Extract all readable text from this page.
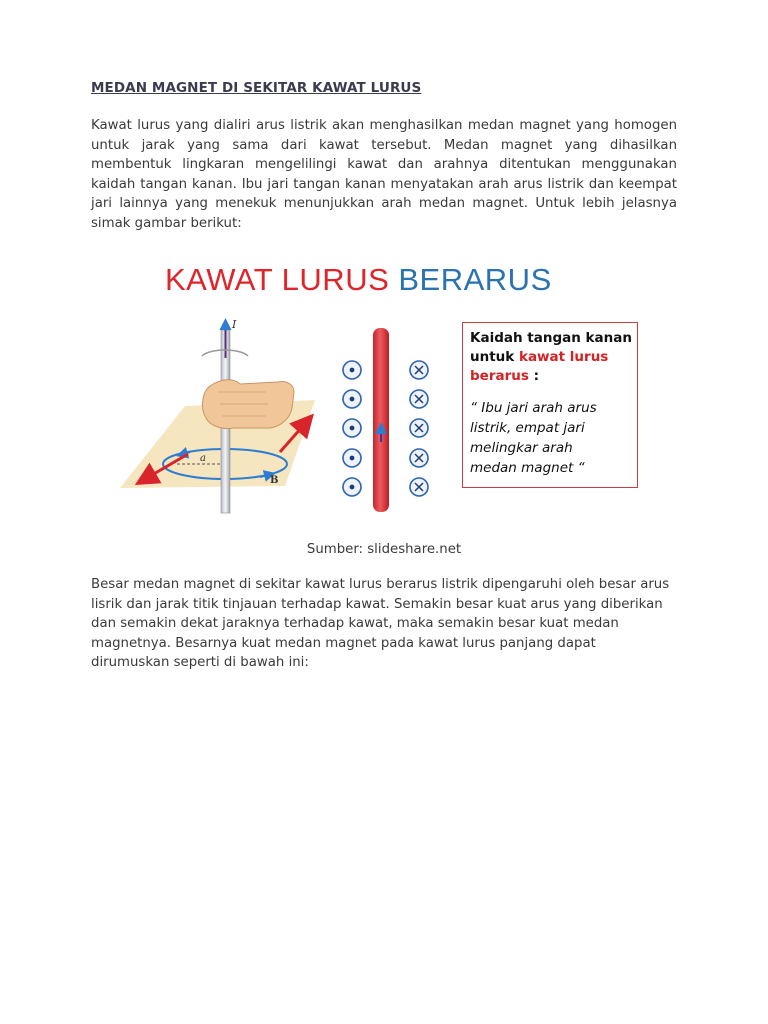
MEDAN MAGNET DI SEKITAR KAWAT LURUS
Kawat lurus yang dialiri arus listrik akan menghasilkan medan magnet yang homogen untuk jarak yang sama dari kawat tersebut. Medan magnet yang dihasilkan membentuk lingkaran mengelilingi kawat dan arahnya ditentukan menggunakan kaidah tangan kanan. Ibu jari tangan kanan menyatakan arah arus listrik dan keempat jari lainnya yang menekuk menunjukkan arah medan magnet. Untuk lebih jelasnya simak gambar berikut:
KAWAT LURUS BERARUS
a
B
I
Kaidah tangan kanan
untuk kawat lurus
berarus :
“ Ibu jari arah arus
listrik, empat jari
melingkar arah
medan magnet “

Sumber: slideshare.net

Besar medan magnet di sekitar kawat lurus berarus listrik dipengaruhi oleh besar arus lisrik dan jarak titik tinjauan terhadap kawat. Semakin besar kuat arus yang diberikan dan semakin dekat jaraknya terhadap kawat, maka semakin besar kuat medan magnetnya. Besarnya kuat medan magnet pada kawat lurus panjang dapat dirumuskan seperti di bawah ini:
